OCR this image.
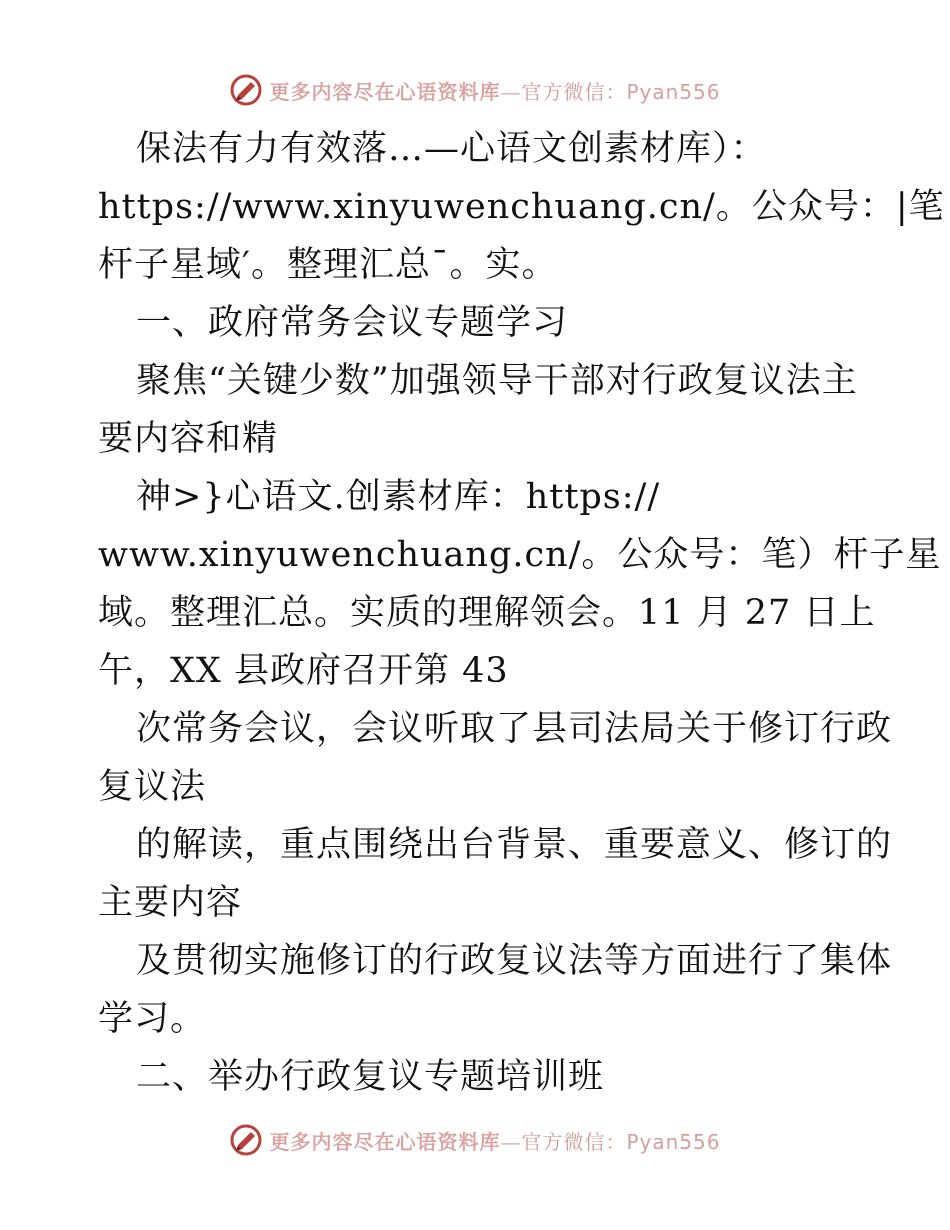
更多内容尽在心语资料库—官方微信：Pyan556
保法有力有效落…—心语文创素材库）：
https://www.xinyuwenchuang.cn/。公众号：|笔
杆子星域′。整理汇总¯。实。
一、政府常务会议专题学习
聚焦“关键少数”加强领导干部对行政复议法主
要内容和精
神>}心语文.创素材库：https://
www.xinyuwenchuang.cn/。公众号：笔）杆子星
域。整理汇总。实质的理解领会。11 月 27 日上
午，XX 县政府召开第 43
次常务会议，会议听取了县司法局关于修订行政
复议法
的解读，重点围绕出台背景、重要意义、修订的
主要内容
及贯彻实施修订的行政复议法等方面进行了集体
学习。
二、举办行政复议专题培训班
更多内容尽在心语资料库—官方微信：Pyan556
